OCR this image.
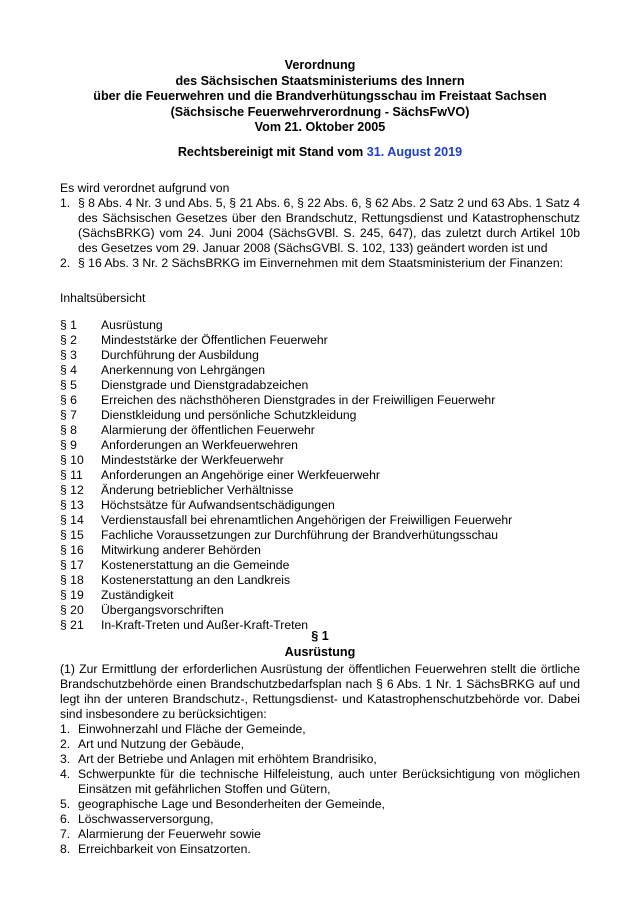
Verordnung
des Sächsischen Staatsministeriums des Innern
über die Feuerwehren und die Brandverhütungsschau im Freistaat Sachsen
(Sächsische Feuerwehrverordnung - SächsFwVO)
Vom 21. Oktober 2005
Rechtsbereinigt mit Stand vom 31. August 2019
Es wird verordnet aufgrund von
1. § 8 Abs. 4 Nr. 3 und Abs. 5, § 21 Abs. 6, § 22 Abs. 6, § 62 Abs. 2 Satz 2 und 63 Abs. 1 Satz 4 des Sächsischen Gesetzes über den Brandschutz, Rettungsdienst und Katastrophenschutz (SächsBRKG) vom 24. Juni 2004 (SächsGVBl. S. 245, 647), das zuletzt durch Artikel 10b des Gesetzes vom 29. Januar 2008 (SächsGVBl. S. 102, 133) geändert worden ist und
2. § 16 Abs. 3 Nr. 2 SächsBRKG im Einvernehmen mit dem Staatsministerium der Finanzen:
Inhaltsübersicht
§ 1	Ausrüstung
§ 2	Mindeststärke der Öffentlichen Feuerwehr
§ 3	Durchführung der Ausbildung
§ 4	Anerkennung von Lehrgängen
§ 5	Dienstgrade und Dienstgradabzeichen
§ 6	Erreichen des nächsthöheren Dienstgrades in der Freiwilligen Feuerwehr
§ 7	Dienstkleidung und persönliche Schutzkleidung
§ 8	Alarmierung der öffentlichen Feuerwehr
§ 9	Anforderungen an Werkfeuerwehren
§ 10	Mindeststärke der Werkfeuerwehr
§ 11	Anforderungen an Angehörige einer Werkfeuerwehr
§ 12	Änderung betrieblicher Verhältnisse
§ 13	Höchstsätze für Aufwandsentschädigungen
§ 14	Verdienstausfall bei ehrenamtlichen Angehörigen der Freiwilligen Feuerwehr
§ 15	Fachliche Voraussetzungen zur Durchführung der Brandverhütungsschau
§ 16	Mitwirkung anderer Behörden
§ 17	Kostenerstattung an die Gemeinde
§ 18	Kostenerstattung an den Landkreis
§ 19	Zuständigkeit
§ 20	Übergangsvorschriften
§ 21	In-Kraft-Treten und Außer-Kraft-Treten
§ 1
Ausrüstung
(1) Zur Ermittlung der erforderlichen Ausrüstung der öffentlichen Feuerwehren stellt die örtliche Brandschutzbehörde einen Brandschutzbedarfsplan nach § 6 Abs. 1 Nr. 1 SächsBRKG auf und legt ihn der unteren Brandschutz-, Rettungsdienst- und Katastrophenschutzbehörde vor. Dabei sind insbesondere zu berücksichtigen:
1. Einwohnerzahl und Fläche der Gemeinde,
2. Art und Nutzung der Gebäude,
3. Art der Betriebe und Anlagen mit erhöhtem Brandrisiko,
4. Schwerpunkte für die technische Hilfeleistung, auch unter Berücksichtigung von möglichen Einsätzen mit gefährlichen Stoffen und Gütern,
5. geographische Lage und Besonderheiten der Gemeinde,
6. Löschwasserversorgung,
7. Alarmierung der Feuerwehr sowie
8. Erreichbarkeit von Einsatzorten.
